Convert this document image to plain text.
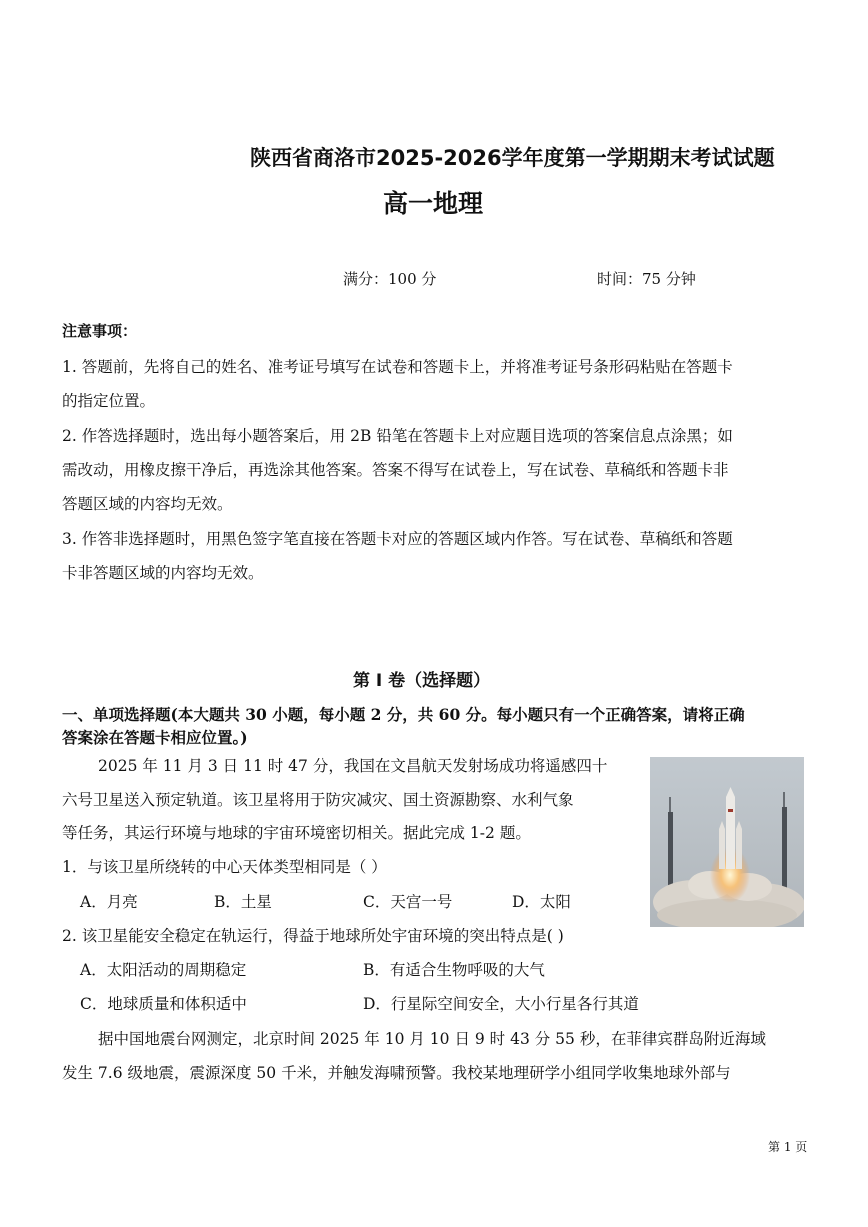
陕西省商洛市2025-2026学年度第一学期期末考试试题
高一地理
满分：100 分	时间：75 分钟
注意事项：
1. 答题前，先将自己的姓名、准考证号填写在试卷和答题卡上，并将准考证号条形码粘贴在答题卡
的指定位置。
2. 作答选择题时，选出每小题答案后，用 2B 铅笔在答题卡上对应题目选项的答案信息点涂黑；如
需改动，用橡皮擦干净后，再选涂其他答案。答案不得写在试卷上，写在试卷、草稿纸和答题卡非
答题区域的内容均无效。
3. 作答非选择题时，用黑色签字笔直接在答题卡对应的答题区域内作答。写在试卷、草稿纸和答题
卡非答题区域的内容均无效。
第 I 卷（选择题）
一、单项选择题(本大题共 30 小题，每小题 2 分，共 60 分。每小题只有一个正确答案，请将正确
答案涂在答题卡相应位置。)
2025 年 11 月 3 日 11 时 47 分，我国在文昌航天发射场成功将遥感四十
六号卫星送入预定轨道。该卫星将用于防灾减灾、国土资源勘察、水利气象
等任务，其运行环境与地球的宇宙环境密切相关。据此完成 1-2 题。
1．与该卫星所绕转的中心天体类型相同是（ ）
A．月亮	B．土星	C．天宫一号	D．太阳
2. 该卫星能安全稳定在轨运行，得益于地球所处宇宙环境的突出特点是( )
A．太阳活动的周期稳定	B．有适合生物呼吸的大气
C．地球质量和体积适中	D．行星际空间安全，大小行星各行其道
据中国地震台网测定，北京时间 2025 年 10 月 10 日 9 时 43 分 55 秒，在菲律宾群岛附近海域
发生 7.6 级地震，震源深度 50 千米，并触发海啸预警。我校某地理研学小组同学收集地球外部与
第 1 页
